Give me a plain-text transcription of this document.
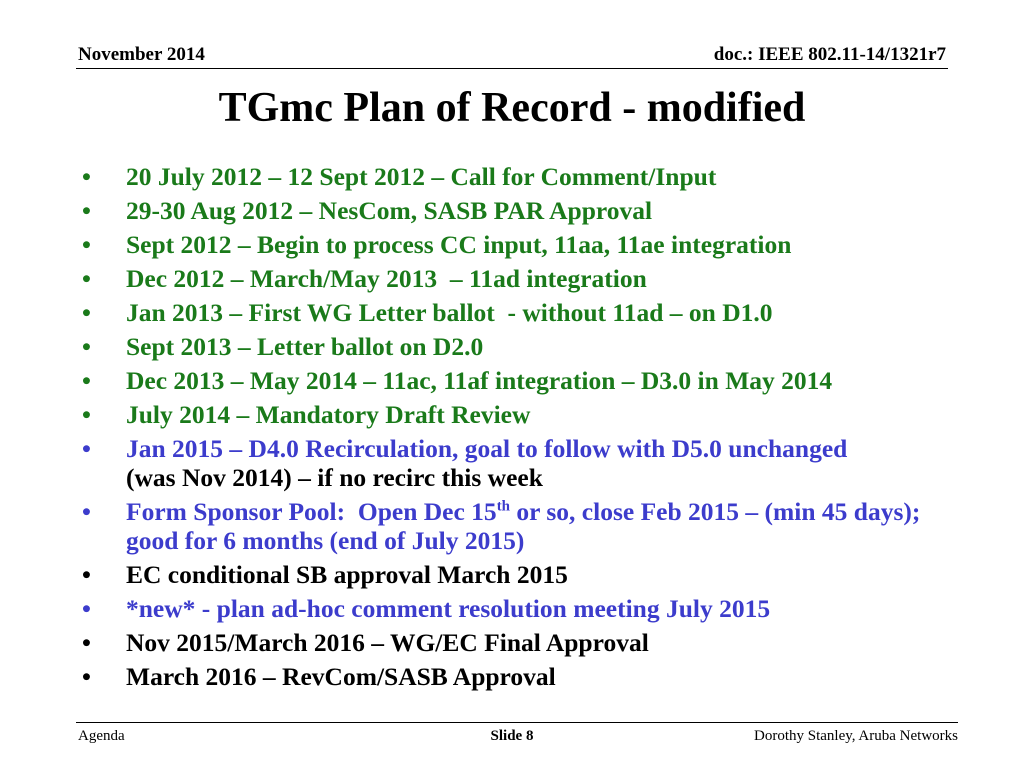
November 2014	doc.: IEEE 802.11-14/1321r7
TGmc Plan of Record - modified
• 20 July 2012 – 12 Sept 2012 – Call for Comment/Input
• 29-30 Aug 2012 – NesCom, SASB PAR Approval
• Sept 2012 – Begin to process CC input, 11aa, 11ae integration
• Dec 2012 – March/May 2013  – 11ad integration
• Jan 2013 – First WG Letter ballot  - without 11ad – on D1.0
• Sept 2013 – Letter ballot on D2.0
• Dec 2013 – May 2014 – 11ac, 11af integration – D3.0 in May 2014
• July 2014 – Mandatory Draft Review
• Jan 2015 – D4.0 Recirculation, goal to follow with D5.0 unchanged
(was Nov 2014) – if no recirc this week
• Form Sponsor Pool:  Open Dec 15th or so, close Feb 2015 – (min 45 days); good for 6 months (end of July 2015)
• EC conditional SB approval March 2015
• *new* - plan ad-hoc comment resolution meeting July 2015
• Nov 2015/March 2016 – WG/EC Final Approval
• March 2016 – RevCom/SASB Approval
Agenda	Slide 8	Dorothy Stanley, Aruba Networks
